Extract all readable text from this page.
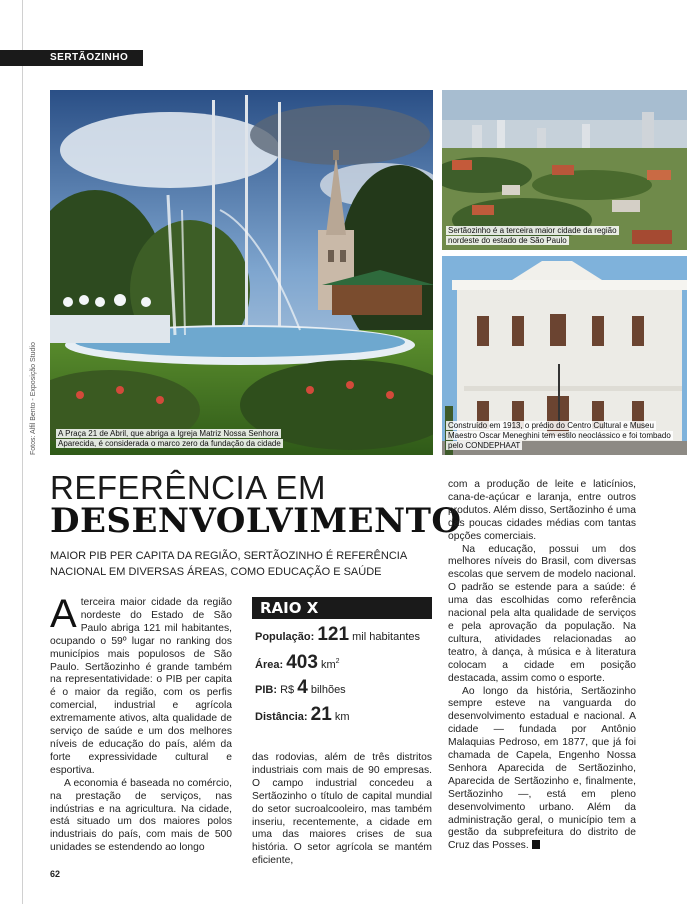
SERTÃOZINHO
A Praça 21 de Abril, que abriga a Igreja Matriz Nossa Senhora Aparecida, é considerada o marco zero da fundação da cidade
Sertãozinho é a terceira maior cidade da região nordeste do estado de São Paulo
Construído em 1913, o prédio do Centro Cultural e Museu Maestro Oscar Meneghini tem estilo neoclássico e foi tombado pelo CONDEPHAAT
Fotos: Alfil Bento - Exposição Studio
REFERÊNCIA EM
DESENVOLVIMENTO
MAIOR PIB PER CAPITA DA REGIÃO, SERTÃOZINHO É REFERÊNCIA NACIONAL EM DIVERSAS ÁREAS, COMO EDUCAÇÃO E SAÚDE

Aterceira maior cidade da região nordeste do Estado de São Paulo abriga 121 mil habitantes, ocupando o 59º lugar no ranking dos municípios mais populosos de São Paulo. Sertãozinho é grande também na representatividade: o PIB per capita é o maior da região, com os perfis comercial, industrial e agrícola extremamente ativos, alta qualidade de serviço de saúde e um dos melhores níveis de educação do país, além da forte expressividade cultural e esportiva.

A economia é baseada no comércio, na prestação de serviços, nas indústrias e na agricultura. Na cidade, está situado um dos maiores polos industriais do país, com mais de 500 unidades se estendendo ao longo

RAIO X
População: 121 mil habitantes
Área: 403 $km^2$
PIB: R$ 4 bilhões
Distância: 21 km

das rodovias, além de três distritos industriais com mais de 90 empresas. O campo industrial concedeu a Sertãozinho o título de capital mundial do setor sucroalcooleiro, mas também inseriu, recentemente, a cidade em uma das maiores crises de sua história. O setor agrícola se mantém eficiente,

com a produção de leite e laticínios, cana-de-açúcar e laranja, entre outros produtos. Além disso, Sertãozinho é uma das poucas cidades médias com tantas opções comerciais.

Na educação, possui um dos melhores níveis do Brasil, com diversas escolas que servem de modelo nacional. O padrão se estende para a saúde: é uma das escolhidas como referência nacional pela alta qualidade de serviços e pela aprovação da população. Na cultura, atividades relacionadas ao teatro, à dança, à música e à literatura colocam a cidade em posição destacada, assim como o esporte.

Ao longo da história, Sertãozinho sempre esteve na vanguarda do desenvolvimento estadual e nacional. A cidade — fundada por Antônio Malaquias Pedroso, em 1877, que já foi chamada de Capela, Engenho Nossa Senhora Aparecida de Sertãozinho, Aparecida de Sertãozinho e, finalmente, Sertãozinho —, está em pleno desenvolvimento urbano. Além da administração geral, o município tem a gestão da subprefeitura do distrito de Cruz das Posses.

62
